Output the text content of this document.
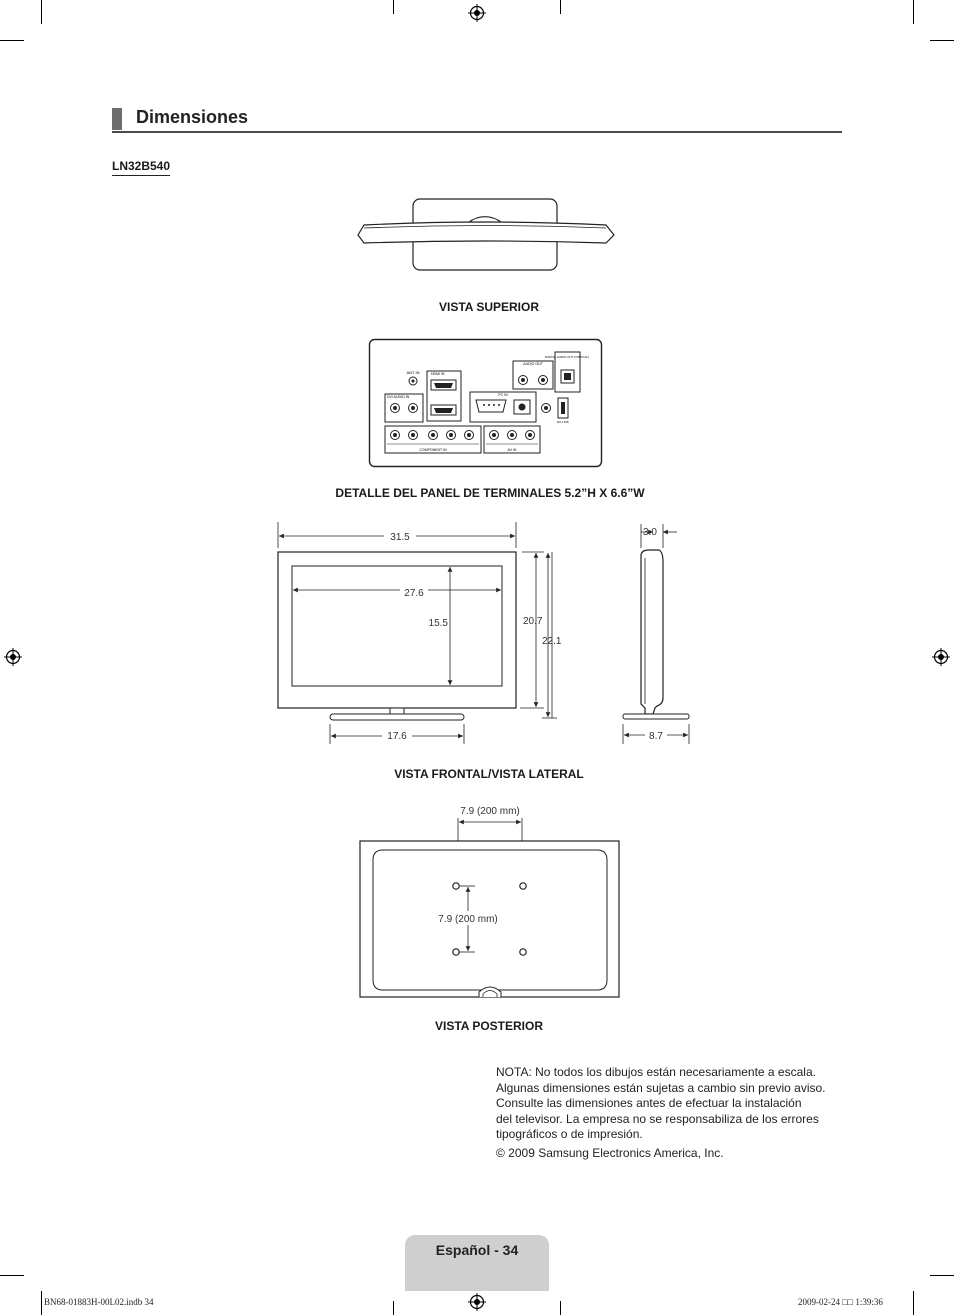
Dimensiones
LN32B540
VISTA SUPERIOR
ANT IN	HDMI IN
DVI AUDIO IN	PC IN
EX-LINK
AUDIO OUT
DIGITAL AUDIO OUT (OPTICAL)
COMPONENT IN	AV IN
DETALLE DEL PANEL DE TERMINALES 5.2”H X 6.6”W
31.5
27.6
15.5	20.7
22.1
17.6
3.0
8.7
VISTA FRONTAL/VISTA LATERAL
7.9 (200 mm)
7.9 (200 mm)
VISTA POSTERIOR

NOTA: No todos los dibujos están necesariamente a escala.

Algunas dimensiones están sujetas a cambio sin previo aviso.

Consulte las dimensiones antes de efectuar la instalación

del televisor. La empresa no se responsabiliza de los errores

tipográficos o de impresión.

© 2009 Samsung Electronics America, Inc.

Español - 34
BN68-01883H-00L02.indb 34	2009-02-24 □□ 1:39:36
